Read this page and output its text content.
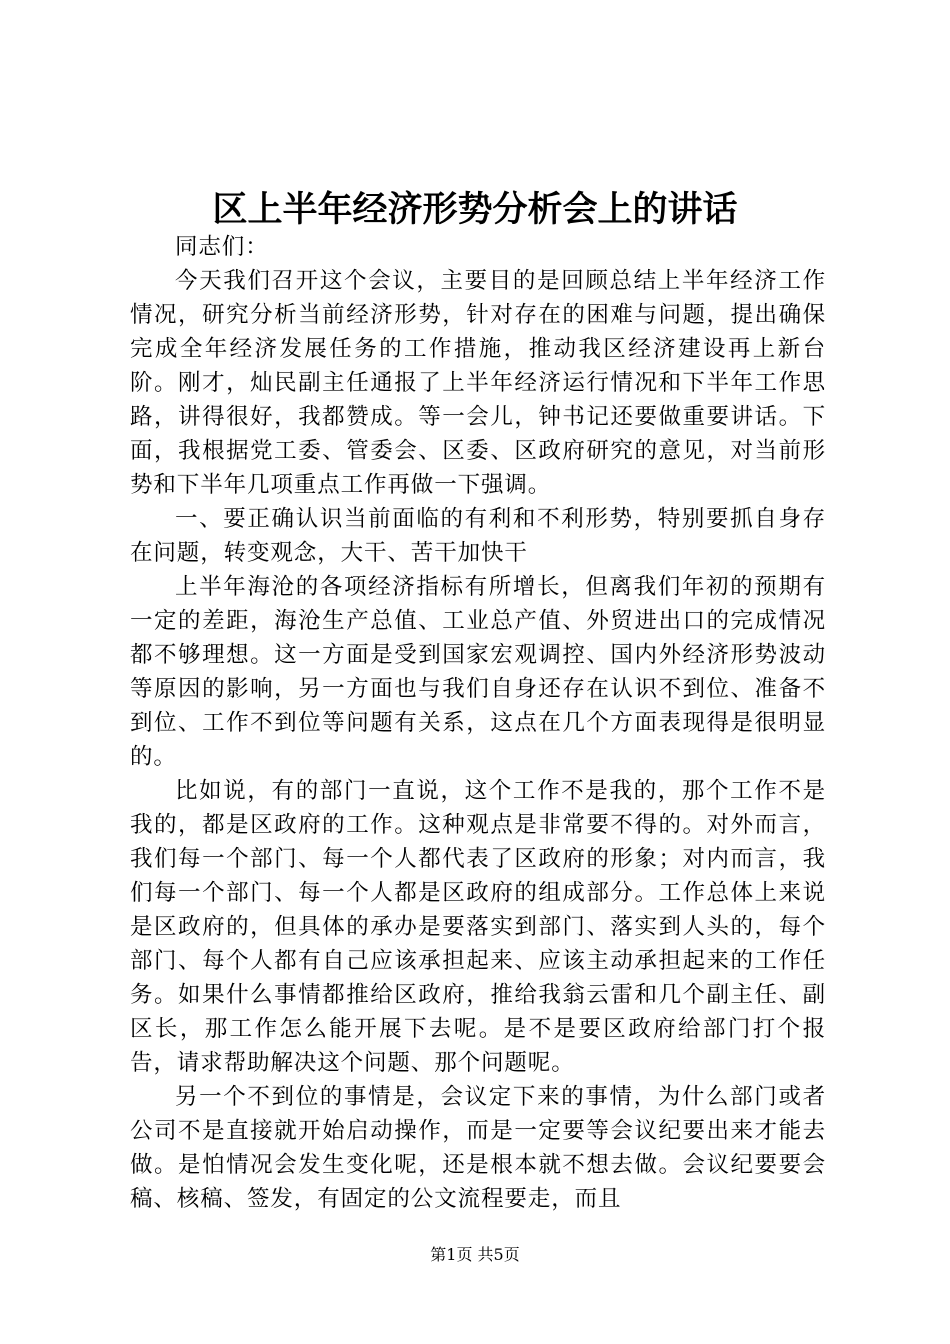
区上半年经济形势分析会上的讲话

同志们：

今天我们召开这个会议，主要目的是回顾总结上半年经济工作情况，研究分析当前经济形势，针对存在的困难与问题，提出确保完成全年经济发展任务的工作措施，推动我区经济建设再上新台阶。刚才，灿民副主任通报了上半年经济运行情况和下半年工作思路，讲得很好，我都赞成。等一会儿，钟书记还要做重要讲话。下面，我根据党工委、管委会、区委、区政府研究的意见，对当前形势和下半年几项重点工作再做一下强调。

一、要正确认识当前面临的有利和不利形势，特别要抓自身存在问题，转变观念，大干、苦干加快干

上半年海沧的各项经济指标有所增长，但离我们年初的预期有一定的差距，海沧生产总值、工业总产值、外贸进出口的完成情况都不够理想。这一方面是受到国家宏观调控、国内外经济形势波动等原因的影响，另一方面也与我们自身还存在认识不到位、准备不到位、工作不到位等问题有关系，这点在几个方面表现得是很明显的。

比如说，有的部门一直说，这个工作不是我的，那个工作不是我的，都是区政府的工作。这种观点是非常要不得的。对外而言，我们每一个部门、每一个人都代表了区政府的形象；对内而言，我们每一个部门、每一个人都是区政府的组成部分。工作总体上来说是区政府的，但具体的承办是要落实到部门、落实到人头的，每个部门、每个人都有自己应该承担起来、应该主动承担起来的工作任务。如果什么事情都推给区政府，推给我翁云雷和几个副主任、副区长，那工作怎么能开展下去呢。是不是要区政府给部门打个报告，请求帮助解决这个问题、那个问题呢。

另一个不到位的事情是，会议定下来的事情，为什么部门或者公司不是直接就开始启动操作，而是一定要等会议纪要出来才能去做。是怕情况会发生变化呢，还是根本就不想去做。会议纪要要会稿、核稿、签发，有固定的公文流程要走，而且

第1页 共5页
